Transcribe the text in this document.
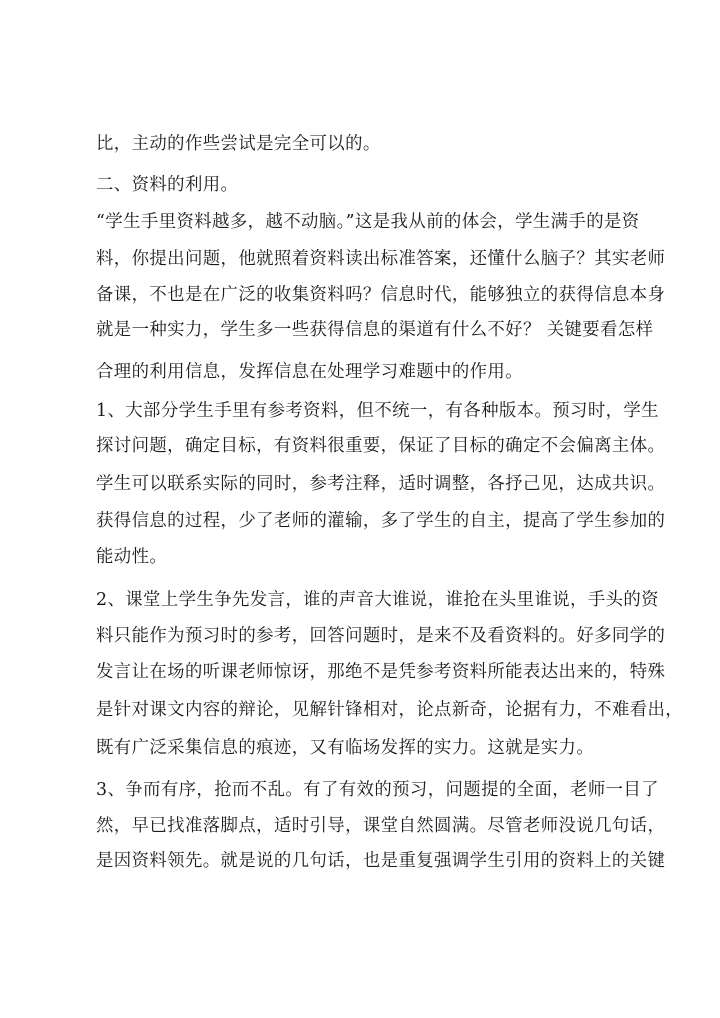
比，主动的作些尝试是完全可以的。
二、资料的利用。
“学生手里资料越多，越不动脑。”这是我从前的体会，学生满手的是资
料，你提出问题，他就照着资料读出标准答案，还懂什么脑子？其实老师
备课，不也是在广泛的收集资料吗？信息时代，能够独立的获得信息本身
就是一种实力，学生多一些获得信息的渠道有什么不好？ 关键要看怎样
合理的利用信息，发挥信息在处理学习难题中的作用。
1、大部分学生手里有参考资料，但不统一，有各种版本。预习时，学生
探讨问题，确定目标，有资料很重要，保证了目标的确定不会偏离主体。
学生可以联系实际的同时，参考注释，适时调整，各抒己见，达成共识。
获得信息的过程，少了老师的灌输，多了学生的自主，提高了学生参加的
能动性。
2、课堂上学生争先发言，谁的声音大谁说，谁抢在头里谁说，手头的资
料只能作为预习时的参考，回答问题时，是来不及看资料的。好多同学的
发言让在场的听课老师惊讶，那绝不是凭参考资料所能表达出来的，特殊
是针对课文内容的辩论，见解针锋相对，论点新奇，论据有力，不难看出，
既有广泛采集信息的痕迹，又有临场发挥的实力。这就是实力。
3、争而有序，抢而不乱。有了有效的预习，问题提的全面，老师一目了
然，早已找准落脚点，适时引导，课堂自然圆满。尽管老师没说几句话，
是因资料领先。就是说的几句话，也是重复强调学生引用的资料上的关键
